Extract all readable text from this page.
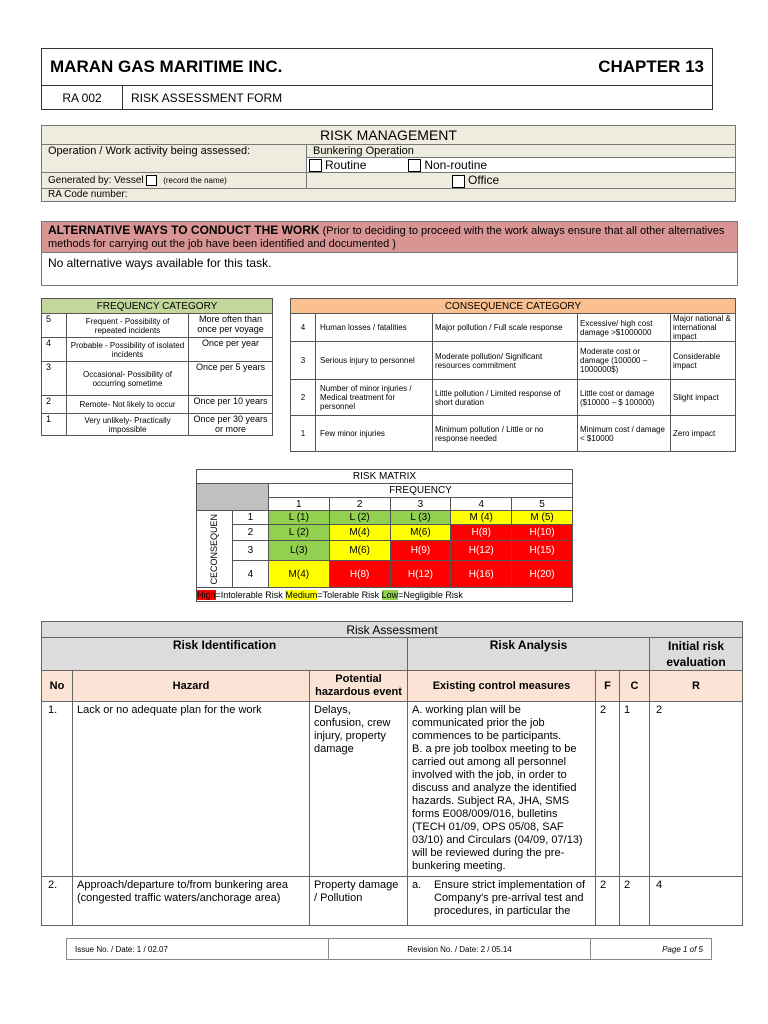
MARAN GAS MARITIME INC.		CHAPTER 13
RA 002	RISK ASSESSMENT FORM	
RISK MANAGEMENT	
Operation / Work activity being assessed:	Bunkering Operation
	Routine Non-routine
Generated by: Vessel (record the name)	Office
RA Code number:	
ALTERNATIVE WAYS TO CONDUCT THE WORK (Prior to deciding to proceed with the work always ensure that all other alternatives methods for carrying out the job have been identified and documented )
No alternative ways available for this task.
FREQUENCY CATEGORY		
5	Frequent - Possibility of repeated incidents	More often than once per voyage
4	Probable - Possibility of isolated incidents	Once per year
3	Occasional- Possibility of occurring sometime	Once per 5 years
2	Remote- Not likely to occur	Once per 10 years
1	Very unlikely- Practically impossible	Once per 30 years or more
CONSEQUENCE CATEGORY				
4	Human losses / fatalities	Major pollution / Full scale response	Excessive/ high cost damage >$1000000	Major national & international impact
3	Serious injury to personnel	Moderate pollution/ Significant resources commitment	Moderate cost or damage (100000 –1000000$)	Considerable impact
2	Number of minor injuries / Medical treatment for personnel	Little pollution / Limited response of short duration	Little cost or damage ($10000 – $ 100000)	Slight impact
1	Few minor injuries	Minimum pollution / Little or no response needed	Minimum cost / damage < $10000	Zero impact
RISK MATRIX						
		FREQUENCY				
		1	2	3	4	5

CECONSEQUEN	1	L (1)	L (2)	L (3)	M (4)	M (5)
	2	L (2)	M(4)	M(6)	H(8)	H(10)
	3	L(3)	M(6)	H(9)	H(12)	H(15)
	4	M(4)	H(8)	H(12)	H(16)	H(20)
High=Intolerable Risk Medium=Tolerable Risk Low=Negligible Risk						
Risk Assessment						
Risk Identification			Risk Analysis			Initial risk evaluation
No	Hazard	Potential hazardous event	Existing control measures	F	C	R
1.	Lack or no adequate plan for the work	Delays, confusion, crew injury, property damage	A. working plan will be communicated prior the job commences to be participants.
B. a pre job toolbox meeting to be carried out among all personnel involved with the job, in order to discuss and analyze the identified hazards. Subject RA, JHA, SMS forms E008/009/016, bulletins (TECH 01/09, OPS 05/08, SAF 03/10) and Circulars (04/09, 07/13) will be reviewed during the pre-bunkering meeting.	2	1	2
2.	Approach/departure to/from bunkering area (congested traffic waters/anchorage area)	Property damage / Pollution	a. Ensure strict implementation of Company's pre-arrival test and procedures, in particular the	2	2	4
Issue No. / Date: 1 / 02.07	Revision No. / Date: 2 / 05.14	Page 1 of 5
